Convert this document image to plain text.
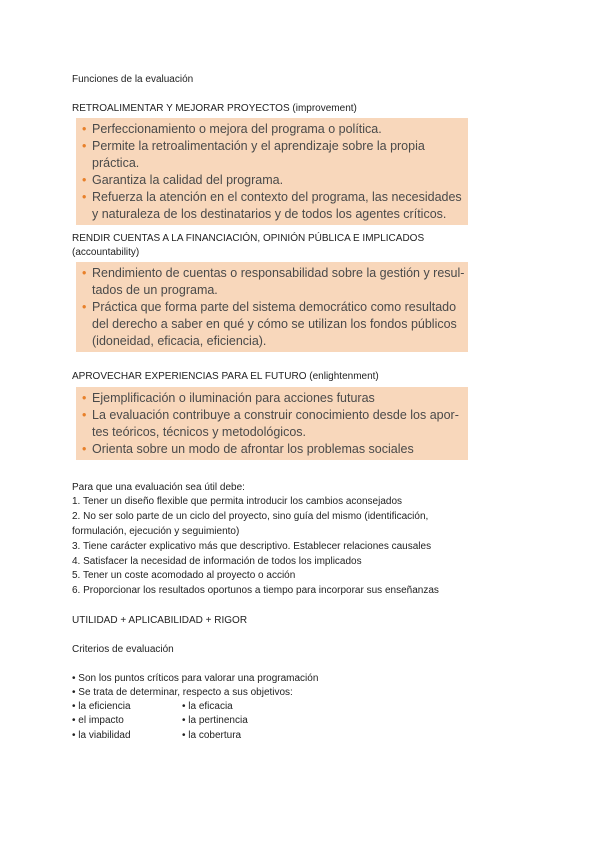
Funciones de la evaluación
RETROALIMENTAR Y MEJORAR PROYECTOS (improvement)
• Perfeccionamiento o mejora del programa o política.
• Permite la retroalimentación y el aprendizaje sobre la propia práctica.
• Garantiza la calidad del programa.
• Refuerza la atención en el contexto del programa, las necesidades
y naturaleza de los destinatarios y de todos los agentes críticos.
RENDIR CUENTAS A LA FINANCIACIÓN, OPINIÓN PÚBLICA E IMPLICADOS
(accountability)
• Rendimiento de cuentas o responsabilidad sobre la gestión y resul-
tados de un programa.
• Práctica que forma parte del sistema democrático como resultado
del derecho a saber en qué y cómo se utilizan los fondos públicos
(idoneidad, eficacia, eficiencia).
APROVECHAR EXPERIENCIAS PARA EL FUTURO (enlightenment)
• Ejemplificación o iluminación para acciones futuras
• La evaluación contribuye a construir conocimiento desde los apor-
tes teóricos, técnicos y metodológicos.
• Orienta sobre un modo de afrontar los problemas sociales
Para que una evaluación sea útil debe:
1. Tener un diseño flexible que permita introducir los cambios aconsejados
2. No ser solo parte de un ciclo del proyecto, sino guía del mismo (identificación,
formulación, ejecución y seguimiento)
3. Tiene carácter explicativo más que descriptivo. Establecer relaciones causales
4. Satisfacer la necesidad de información de todos los implicados
5. Tener un coste acomodado al proyecto o acción
6. Proporcionar los resultados oportunos a tiempo para incorporar sus enseñanzas
UTILIDAD + APLICABILIDAD + RIGOR
Criterios de evaluación
• Son los puntos críticos para valorar una programación
• Se trata de determinar, respecto a sus objetivos:
• la eficiencia	• la eficacia
• el impacto	• la pertinencia
• la viabilidad	• la cobertura
